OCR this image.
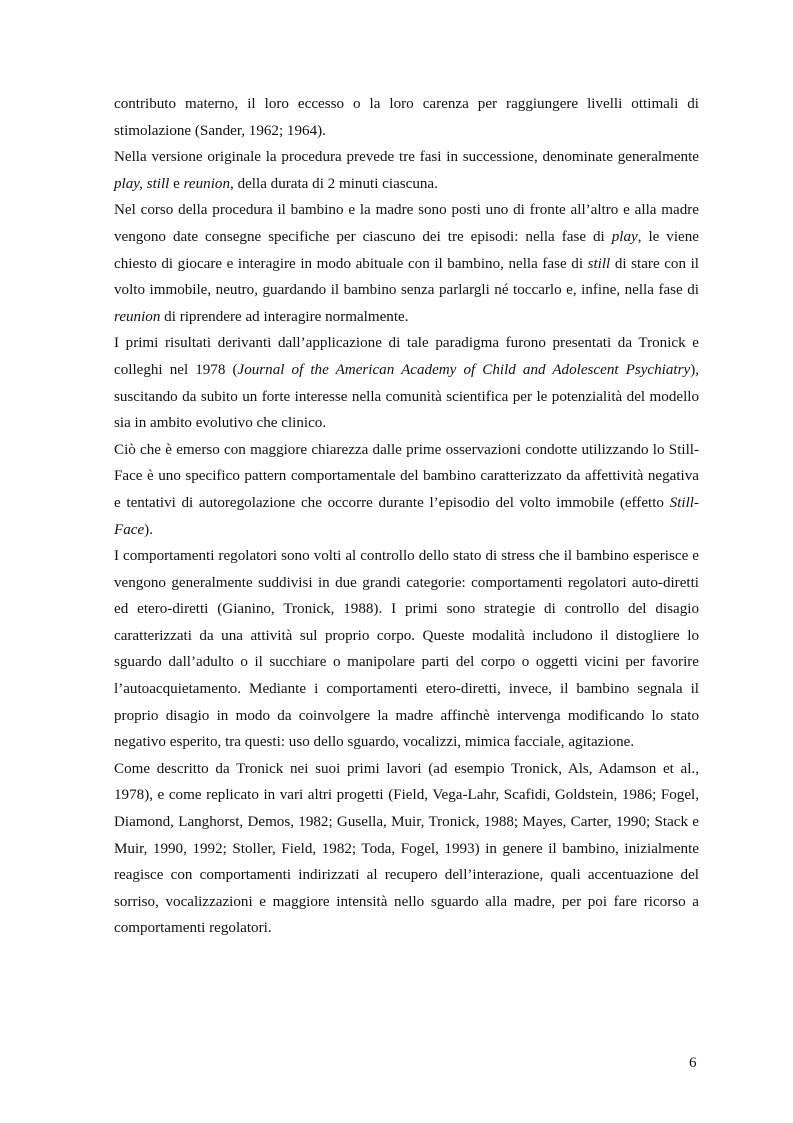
contributo materno, il loro eccesso o la loro carenza per raggiungere livelli ottimali di stimolazione (Sander, 1962; 1964).

Nella versione originale la procedura prevede tre fasi in successione, denominate generalmente play, still e reunion, della durata di 2 minuti ciascuna.

Nel corso della procedura il bambino e la madre sono posti uno di fronte all’altro e alla madre vengono date consegne specifiche per ciascuno dei tre episodi: nella fase di play, le viene chiesto di giocare e interagire in modo abituale con il bambino, nella fase di still di stare con il volto immobile, neutro, guardando il bambino senza parlargli né toccarlo e, infine, nella fase di reunion di riprendere ad interagire normalmente.

I primi risultati derivanti dall’applicazione di tale paradigma furono presentati da Tronick e colleghi nel 1978 (Journal of the American Academy of Child and Adolescent Psychiatry), suscitando da subito un forte interesse nella comunità scientifica per le potenzialità del modello sia in ambito evolutivo che clinico.

Ciò che è emerso con maggiore chiarezza dalle prime osservazioni condotte utilizzando lo Still-Face è uno specifico pattern comportamentale del bambino caratterizzato da affettività negativa e tentativi di autoregolazione che occorre durante l’episodio del volto immobile (effetto Still-Face).

I comportamenti regolatori sono volti al controllo dello stato di stress che il bambino esperisce e vengono generalmente suddivisi in due grandi categorie: comportamenti regolatori auto-diretti ed etero-diretti (Gianino, Tronick, 1988). I primi sono strategie di controllo del disagio caratterizzati da una attività sul proprio corpo. Queste modalità includono il distogliere lo sguardo dall’adulto o il succhiare o manipolare parti del corpo o oggetti vicini per favorire l’autoacquietamento. Mediante i comportamenti etero-diretti, invece, il bambino segnala il proprio disagio in modo da coinvolgere la madre affinchè intervenga modificando lo stato negativo esperito, tra questi: uso dello sguardo, vocalizzi, mimica facciale, agitazione.

Come descritto da Tronick nei suoi primi lavori (ad esempio Tronick, Als, Adamson et al., 1978), e come replicato in vari altri progetti (Field, Vega-Lahr, Scafidi, Goldstein, 1986; Fogel, Diamond, Langhorst, Demos, 1982; Gusella, Muir, Tronick, 1988; Mayes, Carter, 1990; Stack e Muir, 1990, 1992; Stoller, Field, 1982; Toda, Fogel, 1993) in genere il bambino, inizialmente reagisce con comportamenti indirizzati al recupero dell’interazione, quali accentuazione del sorriso, vocalizzazioni e maggiore intensità nello sguardo alla madre, per poi fare ricorso a comportamenti regolatori.

6
